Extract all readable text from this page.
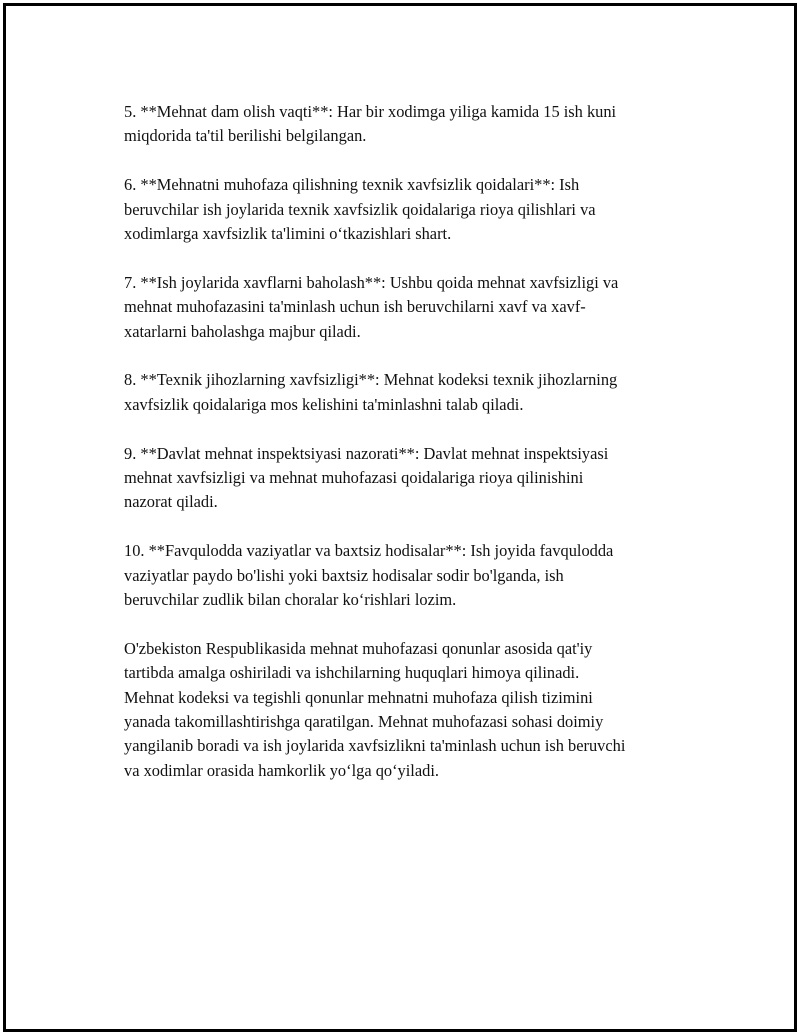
5. **Mehnat dam olish vaqti**: Har bir xodimga yiliga kamida 15 ish kuni
miqdorida ta'til berilishi belgilangan.

6. **Mehnatni muhofaza qilishning texnik xavfsizlik qoidalari**: Ish
beruvchilar ish joylarida texnik xavfsizlik qoidalariga rioya qilishlari va
xodimlarga xavfsizlik ta'limini o‘tkazishlari shart.

7. **Ish joylarida xavflarni baholash**: Ushbu qoida mehnat xavfsizligi va
mehnat muhofazasini ta'minlash uchun ish beruvchilarni xavf va xavf-
xatarlarni baholashga majbur qiladi.

8. **Texnik jihozlarning xavfsizligi**: Mehnat kodeksi texnik jihozlarning
xavfsizlik qoidalariga mos kelishini ta'minlashni talab qiladi.

9. **Davlat mehnat inspektsiyasi nazorati**: Davlat mehnat inspektsiyasi
mehnat xavfsizligi va mehnat muhofazasi qoidalariga rioya qilinishini
nazorat qiladi.

10. **Favqulodda vaziyatlar va baxtsiz hodisalar**: Ish joyida favqulodda
vaziyatlar paydo bo'lishi yoki baxtsiz hodisalar sodir bo'lganda, ish
beruvchilar zudlik bilan choralar ko‘rishlari lozim.

O'zbekiston Respublikasida mehnat muhofazasi qonunlar asosida qat'iy
tartibda amalga oshiriladi va ishchilarning huquqlari himoya qilinadi.
Mehnat kodeksi va tegishli qonunlar mehnatni muhofaza qilish tizimini
yanada takomillashtirishga qaratilgan. Mehnat muhofazasi sohasi doimiy
yangilanib boradi va ish joylarida xavfsizlikni ta'minlash uchun ish beruvchi
va xodimlar orasida hamkorlik yo‘lga qo‘yiladi.
